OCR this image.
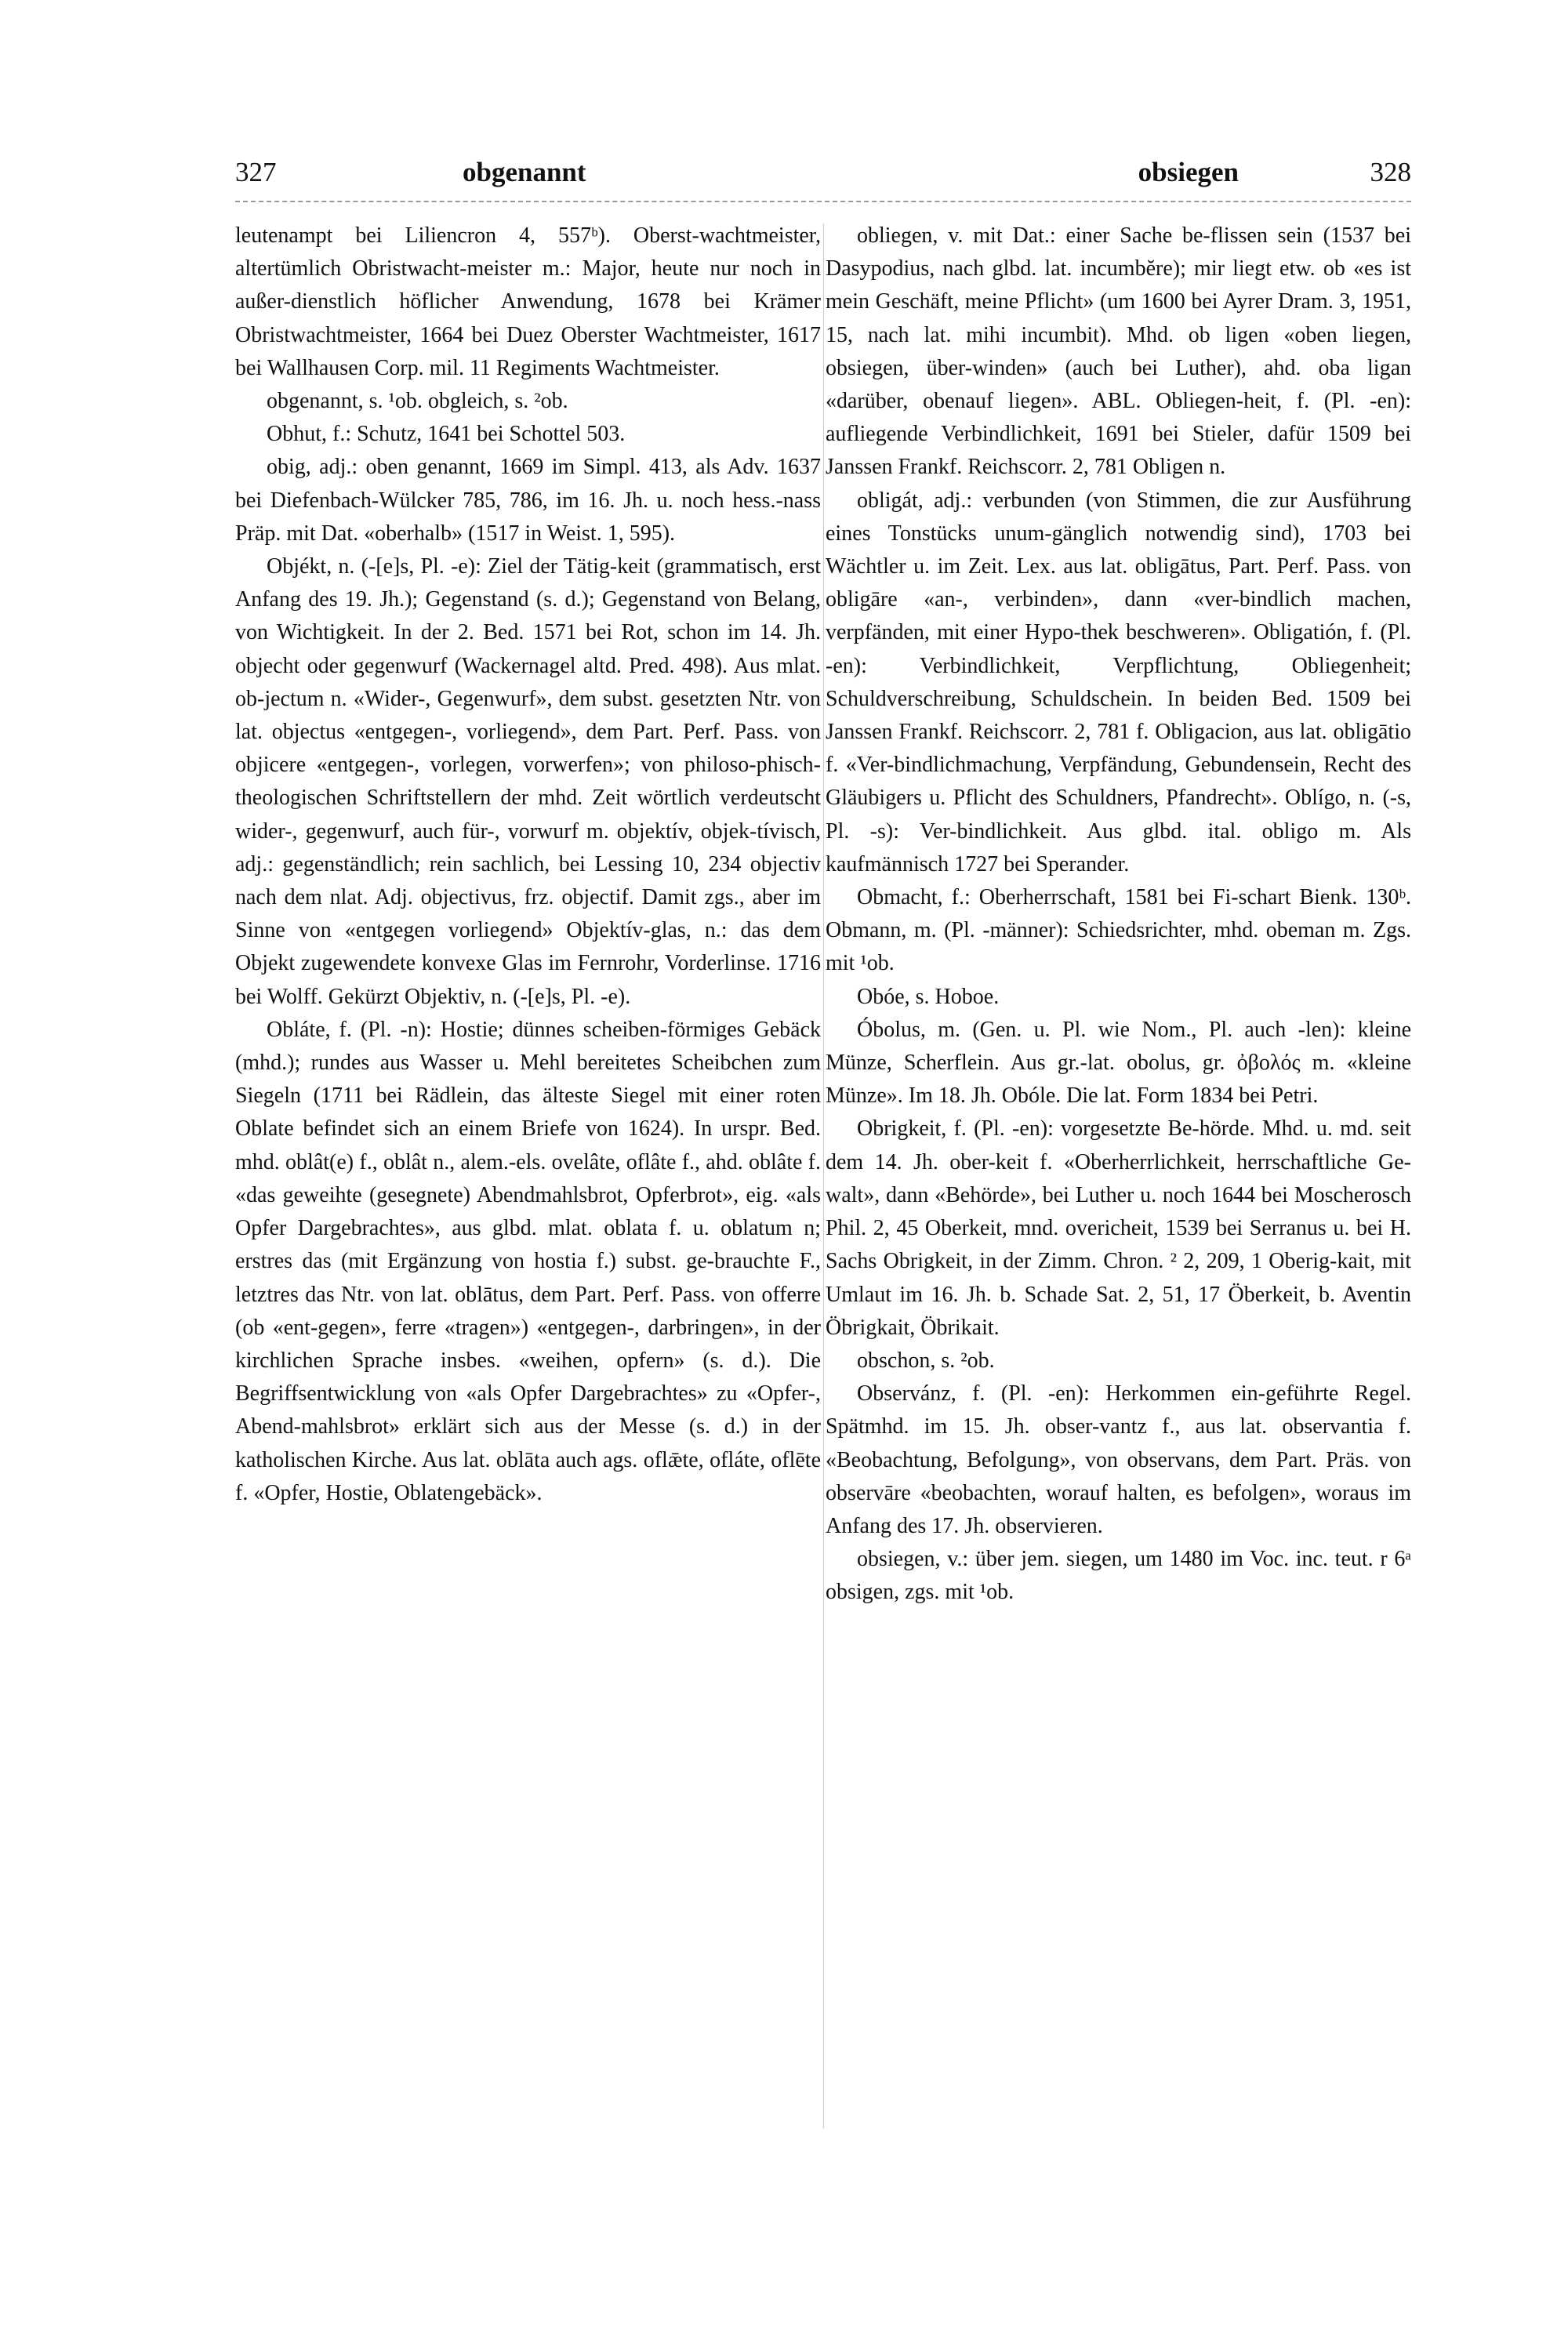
327	obgenannt	obsiegen	328

leutenampt bei Liliencron 4, 557ᵇ). Oberst-wachtmeister, altertümlich Obristwacht-meister m.: Major, heute nur noch in außer-dienstlich höflicher Anwendung, 1678 bei Krämer Obristwachtmeister, 1664 bei Duez Oberster Wachtmeister, 1617 bei Wallhausen Corp. mil. 11 Regiments Wachtmeister.

obgenannt, s. ¹ob. obgleich, s. ²ob.

Obhut, f.: Schutz, 1641 bei Schottel 503.

obig, adj.: oben genannt, 1669 im Simpl. 413, als Adv. 1637 bei Diefenbach-Wülcker 785, 786, im 16. Jh. u. noch hess.-nass Präp. mit Dat. «oberhalb» (1517 in Weist. 1, 595).

Objékt, n. (-[e]s, Pl. -e): Ziel der Tätig-keit (grammatisch, erst Anfang des 19. Jh.); Gegenstand (s. d.); Gegenstand von Belang, von Wichtigkeit. In der 2. Bed. 1571 bei Rot, schon im 14. Jh. objecht oder gegenwurf (Wackernagel altd. Pred. 498). Aus mlat. ob-jectum n. «Wider-, Gegenwurf», dem subst. gesetzten Ntr. von lat. objectus «entgegen-, vorliegend», dem Part. Perf. Pass. von objicere «entgegen-, vorlegen, vorwerfen»; von philoso-phisch-theologischen Schriftstellern der mhd. Zeit wörtlich verdeutscht wider-, gegenwurf, auch für-, vorwurf m. objektív, objek-tívisch, adj.: gegenständlich; rein sachlich, bei Lessing 10, 234 objectiv nach dem nlat. Adj. objectivus, frz. objectif. Damit zgs., aber im Sinne von «entgegen vorliegend» Objektív-glas, n.: das dem Objekt zugewendete konvexe Glas im Fernrohr, Vorderlinse. 1716 bei Wolff. Gekürzt Objektiv, n. (-[e]s, Pl. -e).

Obláte, f. (Pl. -n): Hostie; dünnes scheiben-förmiges Gebäck (mhd.); rundes aus Wasser u. Mehl bereitetes Scheibchen zum Siegeln (1711 bei Rädlein, das älteste Siegel mit einer roten Oblate befindet sich an einem Briefe von 1624). In urspr. Bed. mhd. oblât(e) f., oblât n., alem.-els. ovelâte, oflâte f., ahd. oblâte f. «das geweihte (gesegnete) Abendmahlsbrot, Opferbrot», eig. «als Opfer Dargebrachtes», aus glbd. mlat. oblata f. u. oblatum n; erstres das (mit Ergänzung von hostia f.) subst. ge-brauchte F., letztres das Ntr. von lat. oblātus, dem Part. Perf. Pass. von offerre (ob «ent-gegen», ferre «tragen») «entgegen-, darbringen», in der kirchlichen Sprache insbes. «weihen, opfern» (s. d.). Die Begriffsentwicklung von «als Opfer Dargebrachtes» zu «Opfer-, Abend-mahlsbrot» erklärt sich aus der Messe (s. d.) in der katholischen Kirche. Aus lat. oblāta auch ags. oflǣte, ofláte, oflēte f. «Opfer, Hostie, Oblatengebäck».

obliegen, v. mit Dat.: einer Sache be-flissen sein (1537 bei Dasypodius, nach glbd. lat. incumbĕre); mir liegt etw. ob «es ist mein Geschäft, meine Pflicht» (um 1600 bei Ayrer Dram. 3, 1951, 15, nach lat. mihi incumbit). Mhd. ob ligen «oben liegen, obsiegen, über-winden» (auch bei Luther), ahd. oba ligan «darüber, obenauf liegen». ABL. Obliegen-heit, f. (Pl. -en): aufliegende Verbindlichkeit, 1691 bei Stieler, dafür 1509 bei Janssen Frankf. Reichscorr. 2, 781 Obligen n.

obligát, adj.: verbunden (von Stimmen, die zur Ausführung eines Tonstücks unum-gänglich notwendig sind), 1703 bei Wächtler u. im Zeit. Lex. aus lat. obligātus, Part. Perf. Pass. von obligāre «an-, verbinden», dann «ver-bindlich machen, verpfänden, mit einer Hypo-thek beschweren». Obligatión, f. (Pl. -en): Verbindlichkeit, Verpflichtung, Obliegenheit; Schuldverschreibung, Schuldschein. In beiden Bed. 1509 bei Janssen Frankf. Reichscorr. 2, 781 f. Obligacion, aus lat. obligātio f. «Ver-bindlichmachung, Verpfändung, Gebundensein, Recht des Gläubigers u. Pflicht des Schuldners, Pfandrecht». Oblígo, n. (-s, Pl. -s): Ver-bindlichkeit. Aus glbd. ital. obligo m. Als kaufmännisch 1727 bei Sperander.

Obmacht, f.: Oberherrschaft, 1581 bei Fi-schart Bienk. 130ᵇ. Obmann, m. (Pl. -männer): Schiedsrichter, mhd. obeman m. Zgs. mit ¹ob.

Obóe, s. Hoboe.

Óbolus, m. (Gen. u. Pl. wie Nom., Pl. auch -len): kleine Münze, Scherflein. Aus gr.-lat. obolus, gr. ὀβολός m. «kleine Münze». Im 18. Jh. Obóle. Die lat. Form 1834 bei Petri.

Obrigkeit, f. (Pl. -en): vorgesetzte Be-hörde. Mhd. u. md. seit dem 14. Jh. ober-keit f. «Oberherrlichkeit, herrschaftliche Ge-walt», dann «Behörde», bei Luther u. noch 1644 bei Moscherosch Phil. 2, 45 Oberkeit, mnd. overicheit, 1539 bei Serranus u. bei H. Sachs Obrigkeit, in der Zimm. Chron. ² 2, 209, 1 Oberig-kait, mit Umlaut im 16. Jh. b. Schade Sat. 2, 51, 17 Öberkeit, b. Aventin Öbrigkait, Öbrikait.

obschon, s. ²ob.

Observánz, f. (Pl. -en): Herkommen ein-geführte Regel. Spätmhd. im 15. Jh. obser-vantz f., aus lat. observantia f. «Beobachtung, Befolgung», von observans, dem Part. Präs. von observāre «beobachten, worauf halten, es befolgen», woraus im Anfang des 17. Jh. observieren.

obsiegen, v.: über jem. siegen, um 1480 im Voc. inc. teut. r 6ᵃ obsigen, zgs. mit ¹ob.
